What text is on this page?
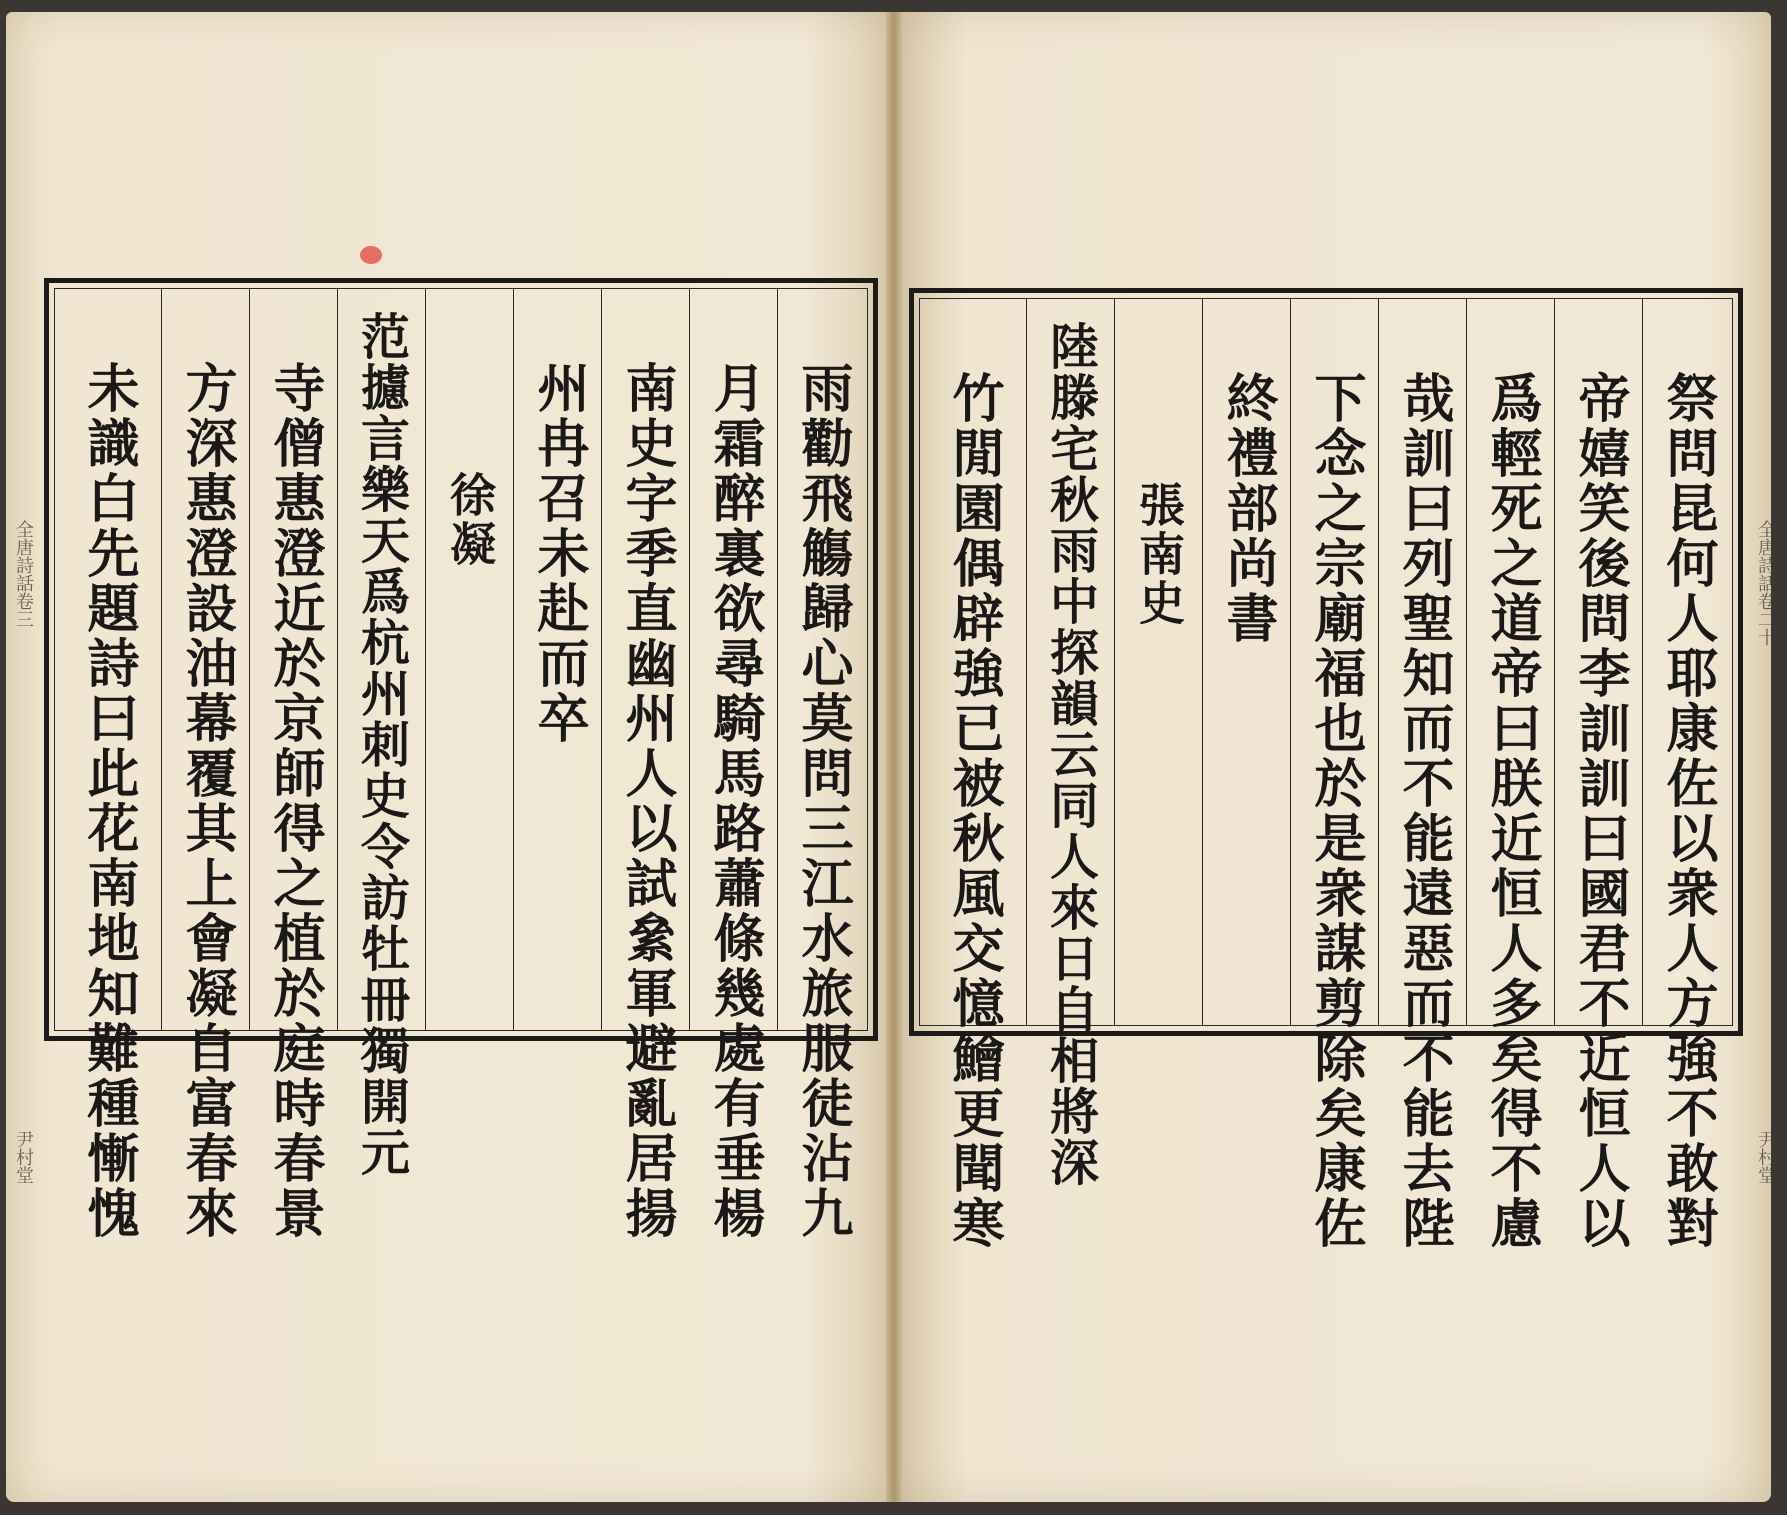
全唐詩話卷三
尹村堂
全唐詩話卷二十
尹村堂
雨勸飛觴歸心莫問三江水旅服徒沾九
月霜醉裏欲尋騎馬路蕭條幾處有垂楊
南史字季直幽州人以試絫軍避亂居揚
州冉召未赴而卒
徐凝
范攄言樂天爲杭州刺史令訪牡冊獨開元
寺僧惠澄近於京師得之植於庭時春景
方深惠澄設油幕覆其上會凝自富春來
未識白先題詩曰此花南地知難種慚愧	祭問昆何人耶康佐以衆人方強不敢對
帝嬉笑後問李訓訓曰國君不近恒人以
爲輕死之道帝曰朕近恒人多矣得不慮
哉訓曰列聖知而不能遠惡而不能去陛
下念之宗廟福也於是衆謀剪除矣康佐
終禮部尚書
張南史
陸滕宅秋雨中探韻云同人來日自相將深
竹閒園偶辟強已被秋風交憶鱠更聞寒
